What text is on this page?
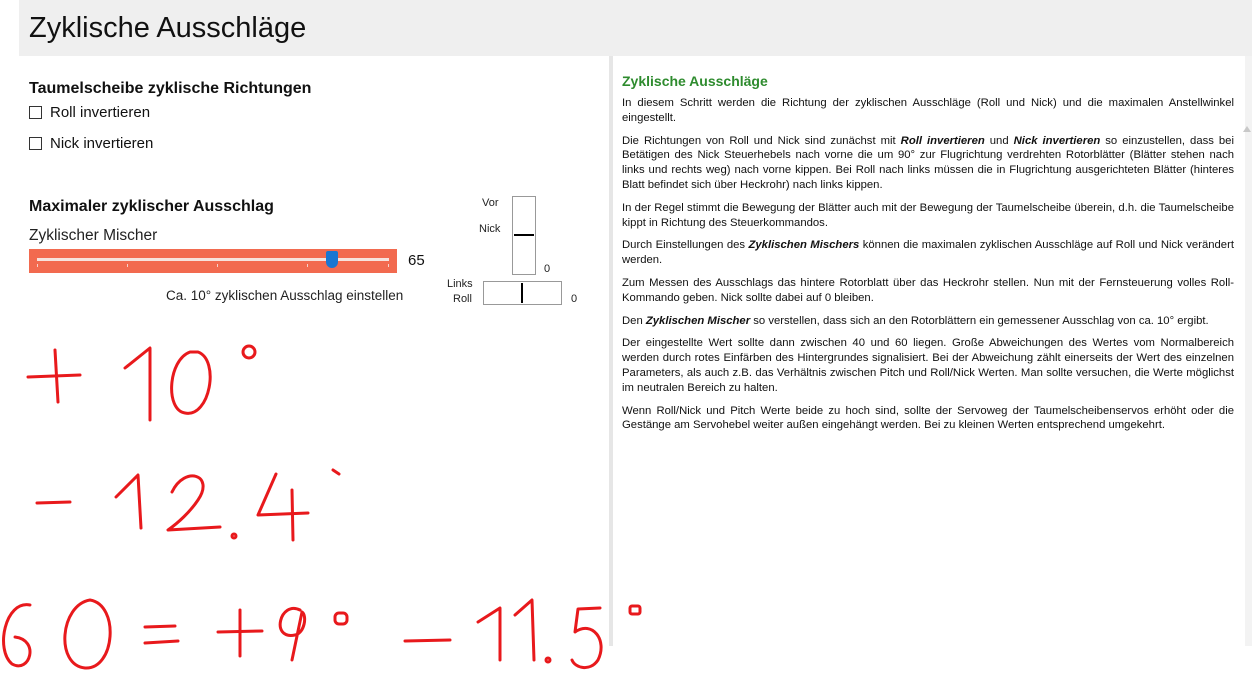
Zyklische Ausschläge
Taumelscheibe zyklische Richtungen
Roll invertieren
Nick invertieren
Maximaler zyklischer Ausschlag
Zyklischer Mischer
65
Ca. 10° zyklischen Ausschlag einstellen
Vor
Nick
0
Links
Roll	0
Zyklische Ausschläge

In diesem Schritt werden die Richtung der zyklischen Ausschläge (Roll und Nick) und die maximalen Anstellwinkel eingestellt.

Die Richtungen von Roll und Nick sind zunächst mit Roll invertieren und Nick invertieren so einzustellen, dass bei Betätigen des Nick Steuerhebels nach vorne die um 90° zur Flugrichtung verdrehten Rotorblätter (Blätter stehen nach links und rechts weg) nach vorne kippen. Bei Roll nach links müssen die in Flugrichtung ausgerichteten Blätter (hinteres Blatt befindet sich über Heckrohr) nach links kippen.

In der Regel stimmt die Bewegung der Blätter auch mit der Bewegung der Taumelscheibe überein, d.h. die Taumelscheibe kippt in Richtung des Steuerkommandos.

Durch Einstellungen des Zyklischen Mischers können die maximalen zyklischen Ausschläge auf Roll und Nick verändert werden.

Zum Messen des Ausschlags das hintere Rotorblatt über das Heckrohr stellen. Nun mit der Fernsteuerung volles Roll-Kommando geben. Nick sollte dabei auf 0 bleiben.

Den Zyklischen Mischer so verstellen, dass sich an den Rotorblättern ein gemessener Ausschlag von ca. 10° ergibt.

Der eingestellte Wert sollte dann zwischen 40 und 60 liegen. Große Abweichungen des Wertes vom Normalbereich werden durch rotes Einfärben des Hintergrundes signalisiert. Bei der Abweichung zählt einerseits der Wert des einzelnen Parameters, als auch z.B. das Verhältnis zwischen Pitch und Roll/Nick Werten. Man sollte versuchen, die Werte möglichst im neutralen Bereich zu halten.

Wenn Roll/Nick und Pitch Werte beide zu hoch sind, sollte der Servoweg der Taumelscheibenservos erhöht oder die Gestänge am Servohebel weiter außen eingehängt werden. Bei zu kleinen Werten entsprechend umgekehrt.
